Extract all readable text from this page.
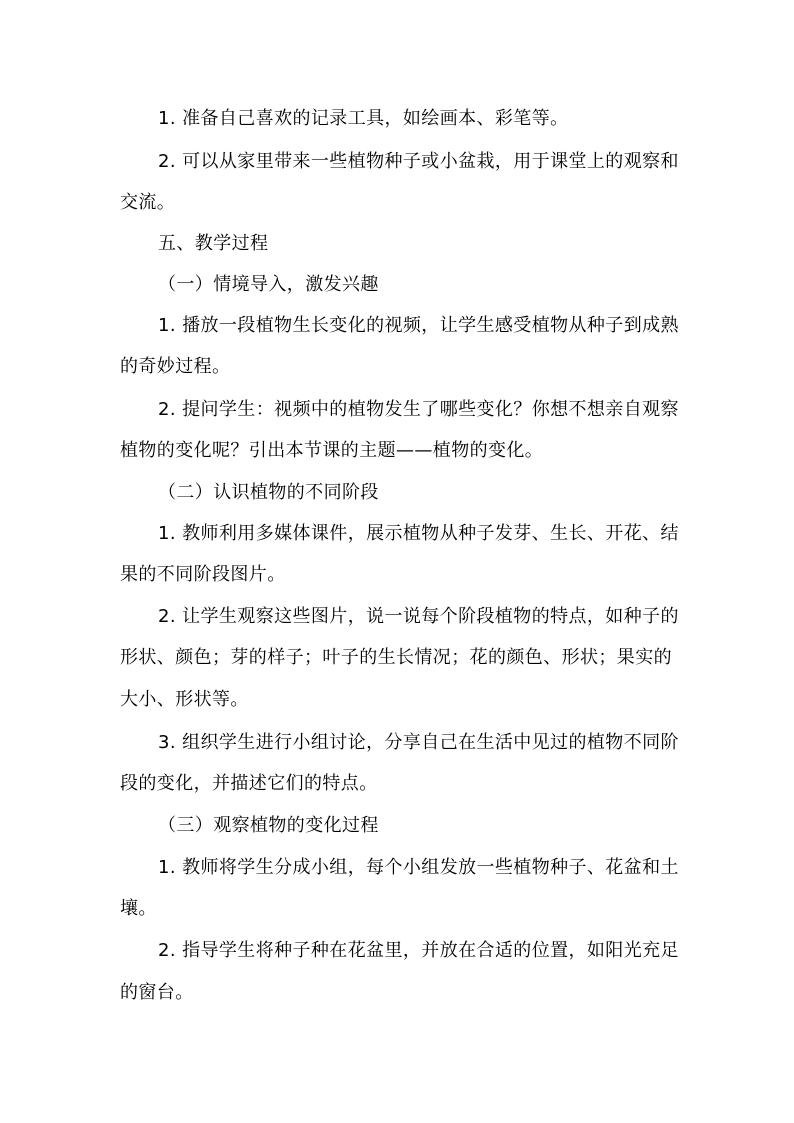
1. 准备自己喜欢的记录工具，如绘画本、彩笔等。
2. 可以从家里带来一些植物种子或小盆栽，用于课堂上的观察和
交流。
五、教学过程
（一）情境导入，激发兴趣
1. 播放一段植物生长变化的视频，让学生感受植物从种子到成熟
的奇妙过程。
2. 提问学生：视频中的植物发生了哪些变化？你想不想亲自观察
植物的变化呢？引出本节课的主题——植物的变化。
（二）认识植物的不同阶段
1. 教师利用多媒体课件，展示植物从种子发芽、生长、开花、结
果的不同阶段图片。
2. 让学生观察这些图片，说一说每个阶段植物的特点，如种子的
形状、颜色；芽的样子；叶子的生长情况；花的颜色、形状；果实的
大小、形状等。
3. 组织学生进行小组讨论，分享自己在生活中见过的植物不同阶
段的变化，并描述它们的特点。
（三）观察植物的变化过程
1. 教师将学生分成小组，每个小组发放一些植物种子、花盆和土
壤。
2. 指导学生将种子种在花盆里，并放在合适的位置，如阳光充足
的窗台。
